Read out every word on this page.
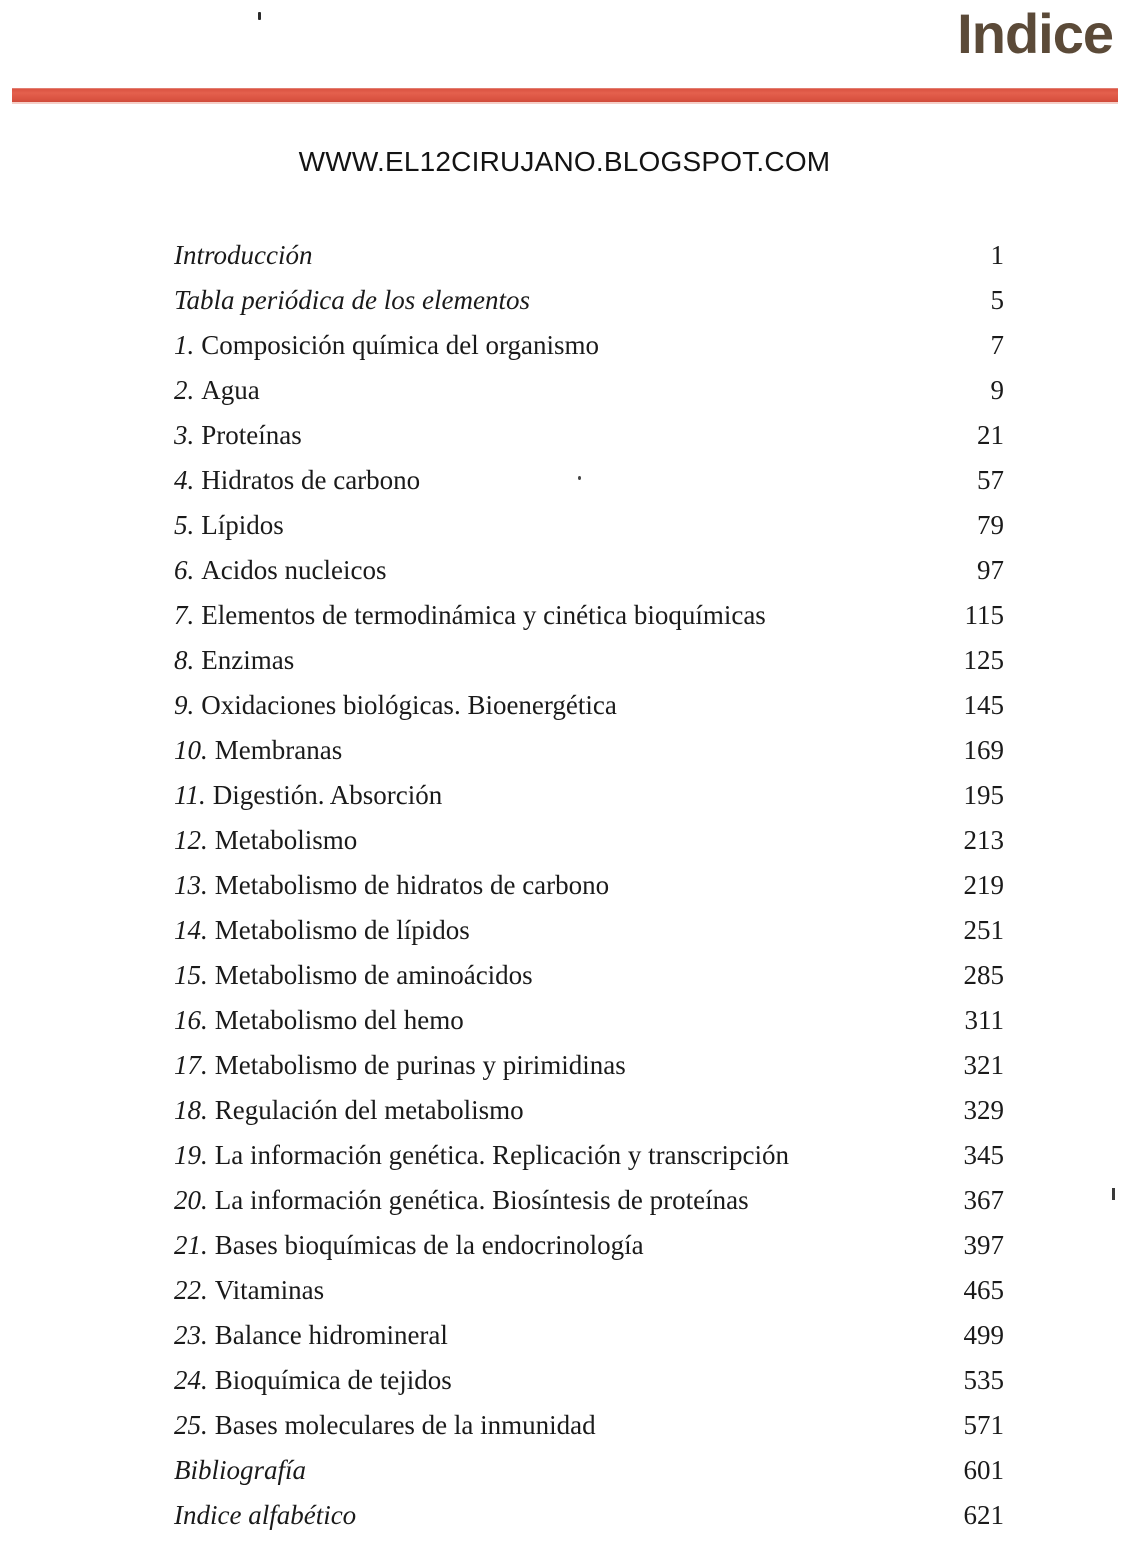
Indice
WWW.EL12CIRUJANO.BLOGSPOT.COM
Introducción	1
Tabla periódica de los elementos	5
1. Composición química del organismo	7
2. Agua	9
3. Proteínas	21
4. Hidratos de carbono	57
5. Lípidos	79
6. Acidos nucleicos	97
7. Elementos de termodinámica y cinética bioquímicas	115
8. Enzimas	125
9. Oxidaciones biológicas. Bioenergética	145
10. Membranas	169
11. Digestión. Absorción	195
12. Metabolismo	213
13. Metabolismo de hidratos de carbono	219
14. Metabolismo de lípidos	251
15. Metabolismo de aminoácidos	285
16. Metabolismo del hemo	311
17. Metabolismo de purinas y pirimidinas	321
18. Regulación del metabolismo	329
19. La información genética. Replicación y transcripción	345
20. La información genética. Biosíntesis de proteínas	367
21. Bases bioquímicas de la endocrinología	397
22. Vitaminas	465
23. Balance hidromineral	499
24. Bioquímica de tejidos	535
25. Bases moleculares de la inmunidad	571
Bibliografía	601
Indice alfabético	621
